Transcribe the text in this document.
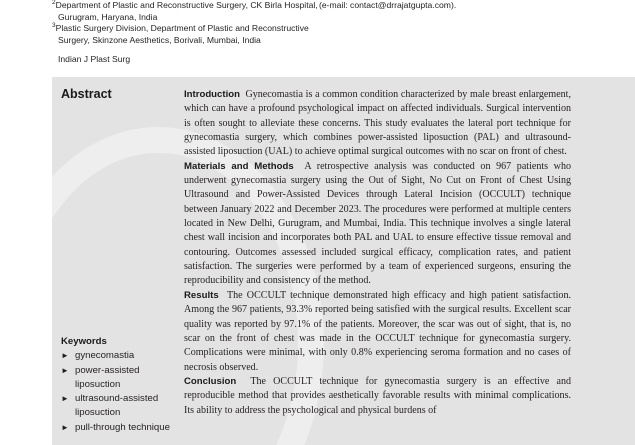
$^2$Department of Plastic and Reconstructive Surgery, CK Birla Hospital,
Gurugram, Haryana, India
$^3$Plastic Surgery Division, Department of Plastic and Reconstructive
Surgery, Skinzone Aesthetics, Borivali, Mumbai, India
(e-mail: contact@drrajatgupta.com).
Indian J Plast Surg
Abstract	Introduction Gynecomastia is a common condition characterized by male breast enlargement, which can have a profound psychological impact on affected individuals. Surgical intervention is often sought to alleviate these concerns. This study evaluates the lateral port technique for gynecomastia surgery, which combines power-assisted liposuction (PAL) and ultrasound-assisted liposuction (UAL) to achieve optimal surgical outcomes with no scar on front of chest.

Materials and Methods A retrospective analysis was conducted on 967 patients who underwent gynecomastia surgery using the Out of Sight, No Cut on Front of Chest Using Ultrasound and Power-Assisted Devices through Lateral Incision (OCCULT) technique between January 2022 and December 2023. The procedures were performed at multiple centers located in New Delhi, Gurugram, and Mumbai, India. This technique involves a single lateral chest wall incision and incorporates both PAL and UAL to ensure effective tissue removal and contouring. Outcomes assessed included surgical efficacy, complication rates, and patient satisfaction. The surgeries were performed by a team of experienced surgeons, ensuring the reproducibility and consistency of the method.

Results The OCCULT technique demonstrated high efficacy and high patient satisfaction. Among the 967 patients, 93.3% reported being satisfied with the surgical results. Excellent scar quality was reported by 97.1% of the patients. Moreover, the scar was out of sight, that is, no scar on the front of chest was made in the OCCULT technique for gynecomastia surgery. Complications were minimal, with only 0.8% experiencing seroma formation and no cases of necrosis observed.

Conclusion The OCCULT technique for gynecomastia surgery is an effective and reproducible method that provides aesthetically favorable results with minimal complications. Its ability to address the psychological and physical burdens of

Keywords
► gynecomastia
► power-assisted liposuction
► ultrasound-assisted liposuction
► pull-through technique
